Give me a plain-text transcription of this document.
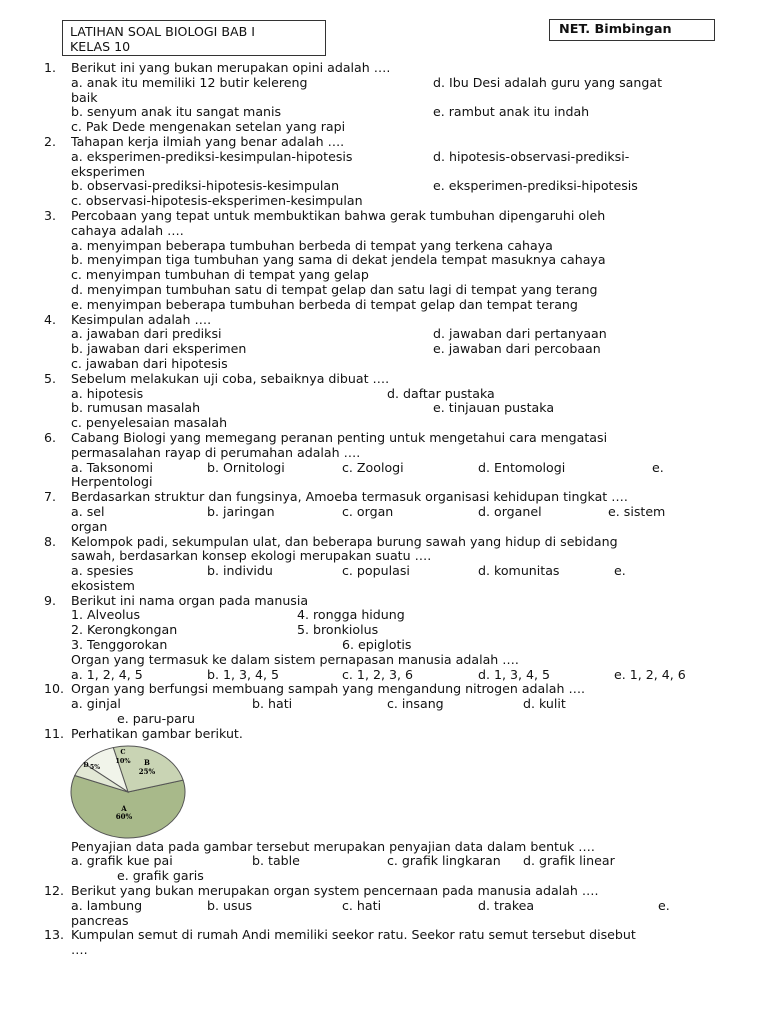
LATIHAN SOAL BIOLOGI BAB I
KELAS 10
NET. Bimbingan
1. Berikut ini yang bukan merupakan opini adalah ….
a. anak itu memiliki 12 butir kelereng	d. Ibu Desi adalah guru yang sangat
baik
b. senyum anak itu sangat manis	e. rambut anak itu indah
c. Pak Dede mengenakan setelan yang rapi
2. Tahapan kerja ilmiah yang benar adalah ….
a. eksperimen-prediksi-kesimpulan-hipotesis	d. hipotesis-observasi-prediksi-
eksperimen
b. observasi-prediksi-hipotesis-kesimpulan	e. eksperimen-prediksi-hipotesis
c. observasi-hipotesis-eksperimen-kesimpulan
3. Percobaan yang tepat untuk membuktikan bahwa gerak tumbuhan dipengaruhi oleh
cahaya adalah ….
a. menyimpan beberapa tumbuhan berbeda di tempat yang terkena cahaya
b. menyimpan tiga tumbuhan yang sama di dekat jendela tempat masuknya cahaya
c. menyimpan tumbuhan di tempat yang gelap
d. menyimpan tumbuhan satu di tempat gelap dan satu lagi di tempat yang terang
e. menyimpan beberapa tumbuhan berbeda di tempat gelap dan tempat terang
4. Kesimpulan adalah ….
a. jawaban dari prediksi	d. jawaban dari pertanyaan
b. jawaban dari eksperimen	e. jawaban dari percobaan
c. jawaban dari hipotesis
5. Sebelum melakukan uji coba, sebaiknya dibuat ….
a. hipotesis	d. daftar pustaka
b. rumusan masalah	e. tinjauan pustaka
c. penyelesaian masalah
6. Cabang Biologi yang memegang peranan penting untuk mengetahui cara mengatasi
permasalahan rayap di perumahan adalah ….
a. Taksonomi	b. Ornitologi	c. Zoologi	d. Entomologi	e.
Herpentologi
7. Berdasarkan struktur dan fungsinya, Amoeba termasuk organisasi kehidupan tingkat ….
a. sel	b. jaringan	c. organ	d. organel	e. sistem
organ
8. Kelompok padi, sekumpulan ulat, dan beberapa burung sawah yang hidup di sebidang
sawah, berdasarkan konsep ekologi merupakan suatu ….
a. spesies	b. individu	c. populasi	d. komunitas	e.
ekosistem
9. Berikut ini nama organ pada manusia
1. Alveolus	4. rongga hidung
2. Kerongkongan	5. bronkiolus
3. Tenggorokan	6. epiglotis
Organ yang termasuk ke dalam sistem pernapasan manusia adalah ….
a. 1, 2, 4, 5	b. 1, 3, 4, 5	c. 1, 2, 3, 6	d. 1, 3, 4, 5	e. 1, 2, 4, 6
10. Organ yang berfungsi membuang sampah yang mengandung nitrogen adalah ….
a. ginjal	b. hati	c. insang	d. kulit
e. paru-paru
11. Perhatikan gambar berikut.
A
60%
B
25%
C
10%
D 5%
Penyajian data pada gambar tersebut merupakan penyajian data dalam bentuk ….
a. grafik kue pai	b. table	c. grafik lingkaran d. grafik linear
e. grafik garis
12. Berikut yang bukan merupakan organ system pencernaan pada manusia adalah ….
a. lambung	b. usus	c. hati	d. trakea	e.
pancreas
13. Kumpulan semut di rumah Andi memiliki seekor ratu. Seekor ratu semut tersebut disebut
….
